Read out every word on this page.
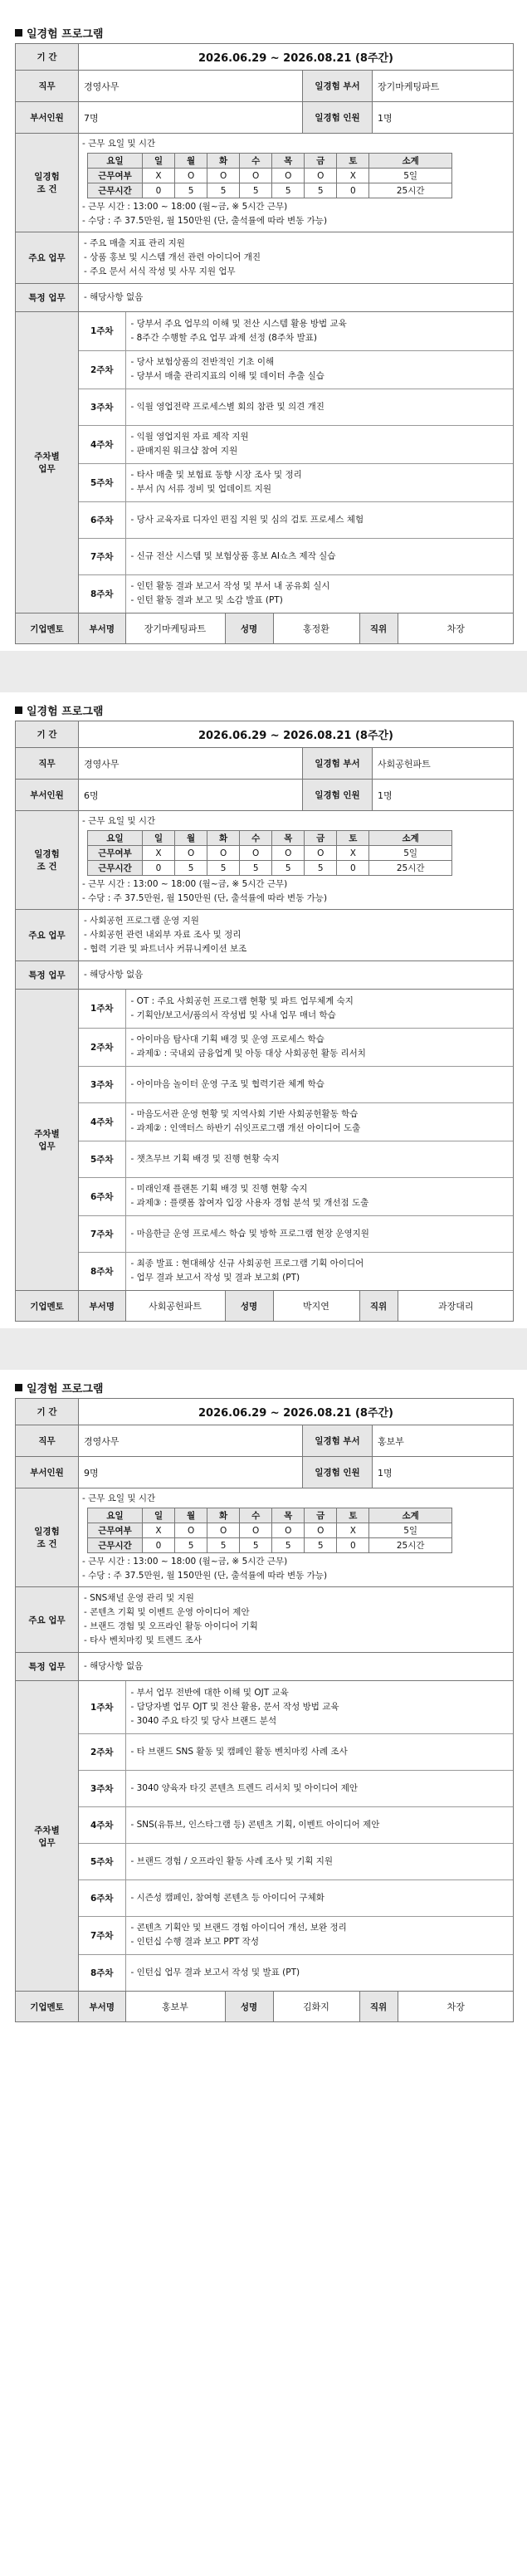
일경험 프로그램
기 간	2026.06.29 ~ 2026.08.21 (8주간)
직무	경영사무	일경험 부서	장기마케팅파트
부서인원	7명	일경험 인원	1명
일경험
조 건	
- 근무 요일 및 시간
요일	일	월	화	수	목	금	토	소계
근무여부	X	O	O	O	O	O	X	5일
근무시간	0	5	5	5	5	5	0	25시간
- 근무 시간 : 13:00 ~ 18:00 (월~금, ※ 5시간 근무)
- 수당 : 주 37.5만원, 월 150만원 (단, 출석률에 따라 변동 가능)

주요 업무	
- 주요 매출 지표 관리 지원
- 상품 홍보 및 시스템 개선 관련 아이디어 개진
- 주요 문서 서식 작성 및 사무 지원 업무

특정 업무	- 해당사항 없음
주차별
업무	
1주차	
- 당부서 주요 업무의 이해 및 전산 시스템 활용 방법 교육
- 8주간 수행할 주요 업무 과제 선정 (8주차 발표)

2주차	
- 당사 보험상품의 전반적인 기초 이해
- 당부서 매출 관리지표의 이해 및 데이터 추출 실습

3주차	- 익월 영업전략 프로세스별 회의 참관 및 의견 개진

4주차	
- 익월 영업지원 자료 제작 지원
- 판매지원 워크샵 참여 지원

5주차	
- 타사 매출 및 보험료 동향 시장 조사 및 정리
- 부서 內 서류 정비 및 업데이트 지원

6주차	- 당사 교육자료 디자인 편집 지원 및 심의 검토 프로세스 체험

7주차	- 신규 전산 시스템 및 보험상품 홍보 AI쇼츠 제작 실습

8주차	
- 인턴 활동 결과 보고서 작성 및 부서 내 공유회 실시
- 인턴 활동 결과 보고 및 소감 발표 (PT)

기업멘토		부서명	장기마케팅파트	성명	홍정환	직위	차장
일경험 프로그램
기 간	2026.06.29 ~ 2026.08.21 (8주간)
직무	경영사무	일경험 부서	사회공헌파트
부서인원	6명	일경험 인원	1명
일경험
조 건	
- 근무 요일 및 시간
요일	일	월	화	수	목	금	토	소계
근무여부	X	O	O	O	O	O	X	5일
근무시간	0	5	5	5	5	5	0	25시간
- 근무 시간 : 13:00 ~ 18:00 (월~금, ※ 5시간 근무)
- 수당 : 주 37.5만원, 월 150만원 (단, 출석률에 따라 변동 가능)

주요 업무	
- 사회공헌 프로그램 운영 지원
- 사회공헌 관련 내외부 자료 조사 및 정리
- 협력 기관 및 파트너사 커뮤니케이션 보조

특정 업무	- 해당사항 없음
주차별
업무	
1주차	
- OT : 주요 사회공헌 프로그램 현황 및 파트 업무체계 숙지
- 기획안/보고서/품의서 작성법 및 사내 업무 매너 학습

2주차	
- 아이마음 탐사대 기획 배경 및 운영 프로세스 학습
- 과제① : 국내외 금융업계 및 아동 대상 사회공헌 활동 리서치

3주차	- 아이마음 놀이터 운영 구조 및 협력기관 체계 학습

4주차	
- 마음도서관 운영 현황 및 지역사회 기반 사회공헌활동 학습
- 과제② : 인액터스 하반기 쉬잇프로그램 개선 아이디어 도출

5주차	- 챗츠무브 기획 배경 및 진행 현황 숙지

6주차	
- 미래인재 플랜톤 기획 배경 및 진행 현황 숙지
- 과제③ : 플랫폼 참여자 입장 사용자 경험 분석 및 개선점 도출

7주차	- 마음한글 운영 프로세스 학습 및 방학 프로그램 현장 운영지원

8주차	
- 최종 발표 : 현대해상 신규 사회공헌 프로그램 기획 아이디어
- 업무 결과 보고서 작성 및 결과 보고회 (PT)

기업멘토		부서명	사회공헌파트	성명	박지연	직위	과장대리
일경험 프로그램
기 간	2026.06.29 ~ 2026.08.21 (8주간)
직무	경영사무	일경험 부서	홍보부
부서인원	9명	일경험 인원	1명
일경험
조 건	
- 근무 요일 및 시간
요일	일	월	화	수	목	금	토	소계
근무여부	X	O	O	O	O	O	X	5일
근무시간	0	5	5	5	5	5	0	25시간
- 근무 시간 : 13:00 ~ 18:00 (월~금, ※ 5시간 근무)
- 수당 : 주 37.5만원, 월 150만원 (단, 출석률에 따라 변동 가능)

주요 업무	
- SNS채널 운영 관리 및 지원
- 콘텐츠 기획 및 이벤트 운영 아이디어 제안
- 브랜드 경험 및 오프라인 활동 아이디어 기획
- 타사 벤치마킹 및 트렌드 조사

특정 업무	- 해당사항 없음
주차별
업무	
1주차	
- 부서 업무 전반에 대한 이해 및 OJT 교육
- 담당자별 업무 OJT 및 전산 활용, 문서 작성 방법 교육
- 3040 주요 타깃 및 당사 브랜드 분석

2주차	- 타 브랜드 SNS 활동 및 캠페인 활동 벤치마킹 사례 조사

3주차	- 3040 양육자 타깃 콘텐츠 트렌드 리서치 및 아이디어 제안

4주차	- SNS(유튜브, 인스타그램 등) 콘텐츠 기획, 이벤트 아이디어 제안

5주차	- 브랜드 경험 / 오프라인 활동 사례 조사 및 기획 지원

6주차	- 시즌성 캠페인, 참여형 콘텐츠 등 아이디어 구체화

7주차	
- 콘텐츠 기획안 및 브랜드 경험 아이디어 개선, 보완 정리
- 인턴십 수행 결과 보고 PPT 작성

8주차	- 인턴십 업무 결과 보고서 작성 및 발표 (PT)

기업멘토		부서명	홍보부	성명	김화지	직위	차장
